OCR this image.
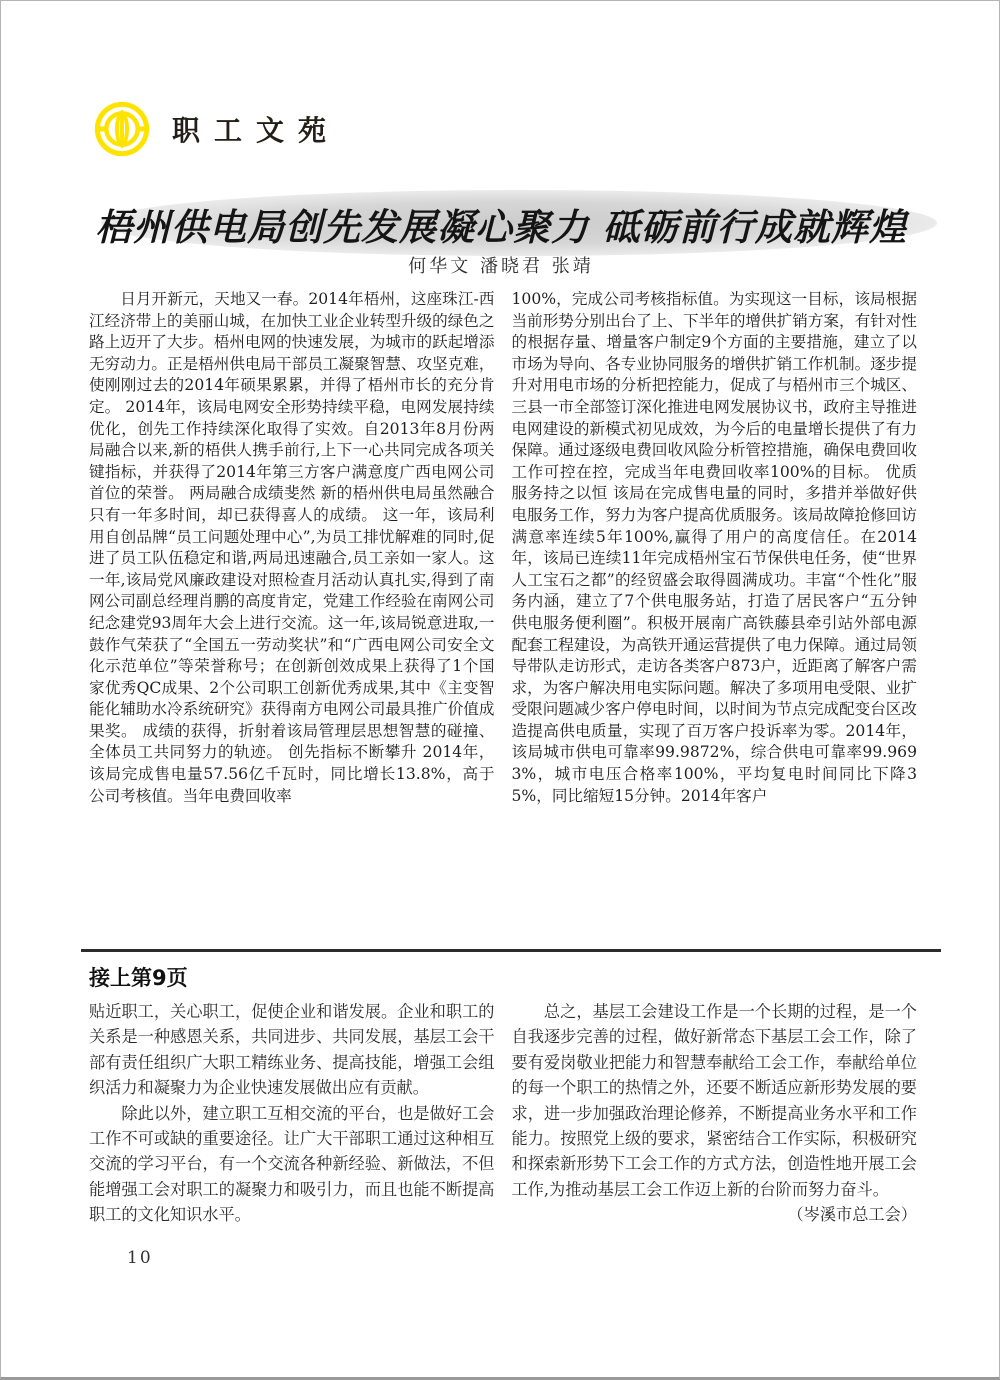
职工文苑
梧州供电局创先发展凝心聚力 砥砺前行成就辉煌
何华文 潘晓君 张靖
日月开新元，天地又一春。2014年梧州，这座珠江-西江经济带上的美丽山城，在加快工业企业转型升级的绿色之路上迈开了大步。梧州电网的快速发展，为城市的跃起增添无穷动力。正是梧州供电局干部员工凝聚智慧、攻坚克难，使刚刚过去的2014年硕果累累，并得了梧州市长的充分肯定。 2014年，该局电网安全形势持续平稳，电网发展持续优化，创先工作持续深化取得了实效。自2013年8月份两局融合以来,新的梧供人携手前行,上下一心共同完成各项关键指标，并获得了2014年第三方客户满意度广西电网公司首位的荣誉。 两局融合成绩斐然 新的梧州供电局虽然融合只有一年多时间，却已获得喜人的成绩。 这一年，该局利用自创品牌“员工问题处理中心”,为员工排忧解难的同时,促进了员工队伍稳定和谐,两局迅速融合,员工亲如一家人。这一年,该局党风廉政建设对照检查月活动认真扎实,得到了南网公司副总经理肖鹏的高度肯定，党建工作经验在南网公司纪念建党93周年大会上进行交流。这一年,该局锐意进取,一鼓作气荣获了“全国五一劳动奖状”和“广西电网公司安全文化示范单位”等荣誉称号；在创新创效成果上获得了1个国家优秀QC成果、2个公司职工创新优秀成果,其中《主变智能化辅助水冷系统研究》获得南方电网公司最具推广价值成果奖。 成绩的获得，折射着该局管理层思想智慧的碰撞、全体员工共同努力的轨迹。 创先指标不断攀升 2014年，该局完成售电量57.56亿千瓦时，同比增长13.8%，高于公司考核值。当年电费回收率
100%，完成公司考核指标值。为实现这一目标，该局根据当前形势分别出台了上、下半年的增供扩销方案，有针对性的根据存量、增量客户制定9个方面的主要措施，建立了以市场为导向、各专业协同服务的增供扩销工作机制。逐步提升对用电市场的分析把控能力，促成了与梧州市三个城区、三县一市全部签订深化推进电网发展协议书，政府主导推进电网建设的新模式初见成效，为今后的电量增长提供了有力保障。通过逐级电费回收风险分析管控措施，确保电费回收工作可控在控，完成当年电费回收率100%的目标。 优质服务持之以恒 该局在完成售电量的同时，多措并举做好供电服务工作，努力为客户提高优质服务。该局故障抢修回访满意率连续5年100%,赢得了用户的高度信任。在2014年，该局已连续11年完成梧州宝石节保供电任务，使“世界人工宝石之都”的经贸盛会取得圆满成功。丰富“个性化”服务内涵，建立了7个供电服务站，打造了居民客户“五分钟供电服务便利圈”。积极开展南广高铁藤县牵引站外部电源配套工程建设，为高铁开通运营提供了电力保障。通过局领导带队走访形式，走访各类客户873户，近距离了解客户需求，为客户解决用电实际问题。解决了多项用电受限、业扩受限问题减少客户停电时间，以时间为节点完成配变台区改造提高供电质量，实现了百万客户投诉率为零。2014年，该局城市供电可靠率99.9872%，综合供电可靠率99.9693%，城市电压合格率100%，平均复电时间同比下降35%，同比缩短15分钟。2014年客户
接上第9页

贴近职工，关心职工，促使企业和谐发展。企业和职工的关系是一种感恩关系，共同进步、共同发展，基层工会干部有责任组织广大职工精练业务、提高技能，增强工会组织活力和凝聚力为企业快速发展做出应有贡献。

除此以外，建立职工互相交流的平台，也是做好工会工作不可或缺的重要途径。让广大干部职工通过这种相互交流的学习平台，有一个交流各种新经验、新做法，不但能增强工会对职工的凝聚力和吸引力，而且也能不断提高职工的文化知识水平。

总之，基层工会建设工作是一个长期的过程，是一个自我逐步完善的过程，做好新常态下基层工会工作，除了要有爱岗敬业把能力和智慧奉献给工会工作，奉献给单位的每一个职工的热情之外，还要不断适应新形势发展的要求，进一步加强政治理论修养，不断提高业务水平和工作能力。按照党上级的要求，紧密结合工作实际，积极研究和探索新形势下工会工作的方式方法，创造性地开展工会工作,为推动基层工会工作迈上新的台阶而努力奋斗。

（岑溪市总工会）

10
